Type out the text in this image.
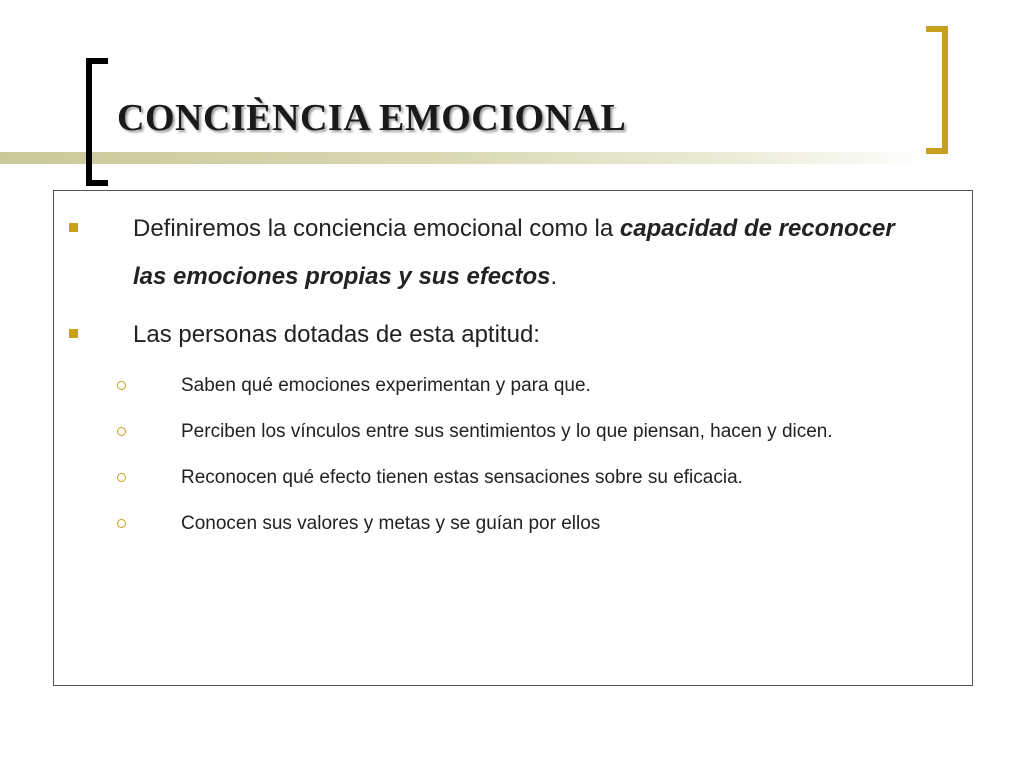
CONCIÈNCIA EMOCIONAL
Definiremos la conciencia emocional como la capacidad de reconocer las emociones propias y sus efectos.
Las personas dotadas de esta aptitud:
Saben qué emociones experimentan y para que.
Perciben los vínculos entre sus sentimientos y lo que piensan, hacen y dicen.
Reconocen qué efecto tienen estas sensaciones sobre su eficacia.
Conocen sus valores y metas y se guían por ellos
